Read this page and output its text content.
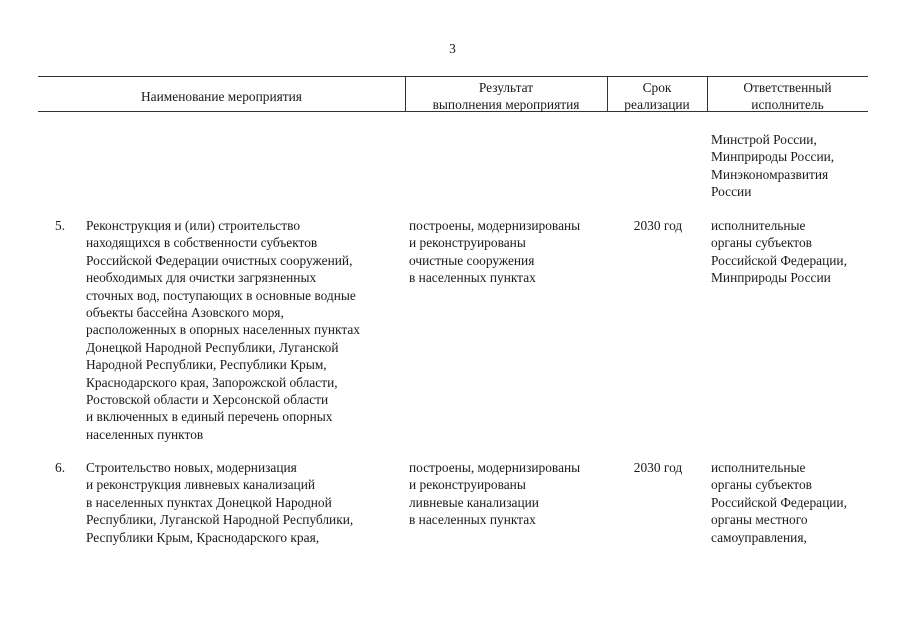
3
Наименование мероприятия
Результат
выполнения мероприятия
Срок
реализации
Ответственный
исполнитель
Минстрой России,
Минприроды России,
Минэкономразвития
России
5. Реконструкция и (или) строительство
находящихся в собственности субъектов
Российской Федерации очистных сооружений,
необходимых для очистки загрязненных
сточных вод, поступающих в основные водные
объекты бассейна Азовского моря,
расположенных в опорных населенных пунктах
Донецкой Народной Республики, Луганской
Народной Республики, Республики Крым,
Краснодарского края, Запорожской области,
Ростовской области и Херсонской области
и включенных в единый перечень опорных
населенных пунктов
построены, модернизированы
и реконструированы
очистные сооружения
в населенных пунктах
2030 год	исполнительные
органы субъектов
Российской Федерации,
Минприроды России
6. Строительство новых, модернизация
и реконструкция ливневых канализаций
в населенных пунктах Донецкой Народной
Республики, Луганской Народной Республики,
Республики Крым, Краснодарского края,
построены, модернизированы
и реконструированы
ливневые канализации
в населенных пунктах
2030 год	исполнительные
органы субъектов
Российской Федерации,
органы местного
самоуправления,
